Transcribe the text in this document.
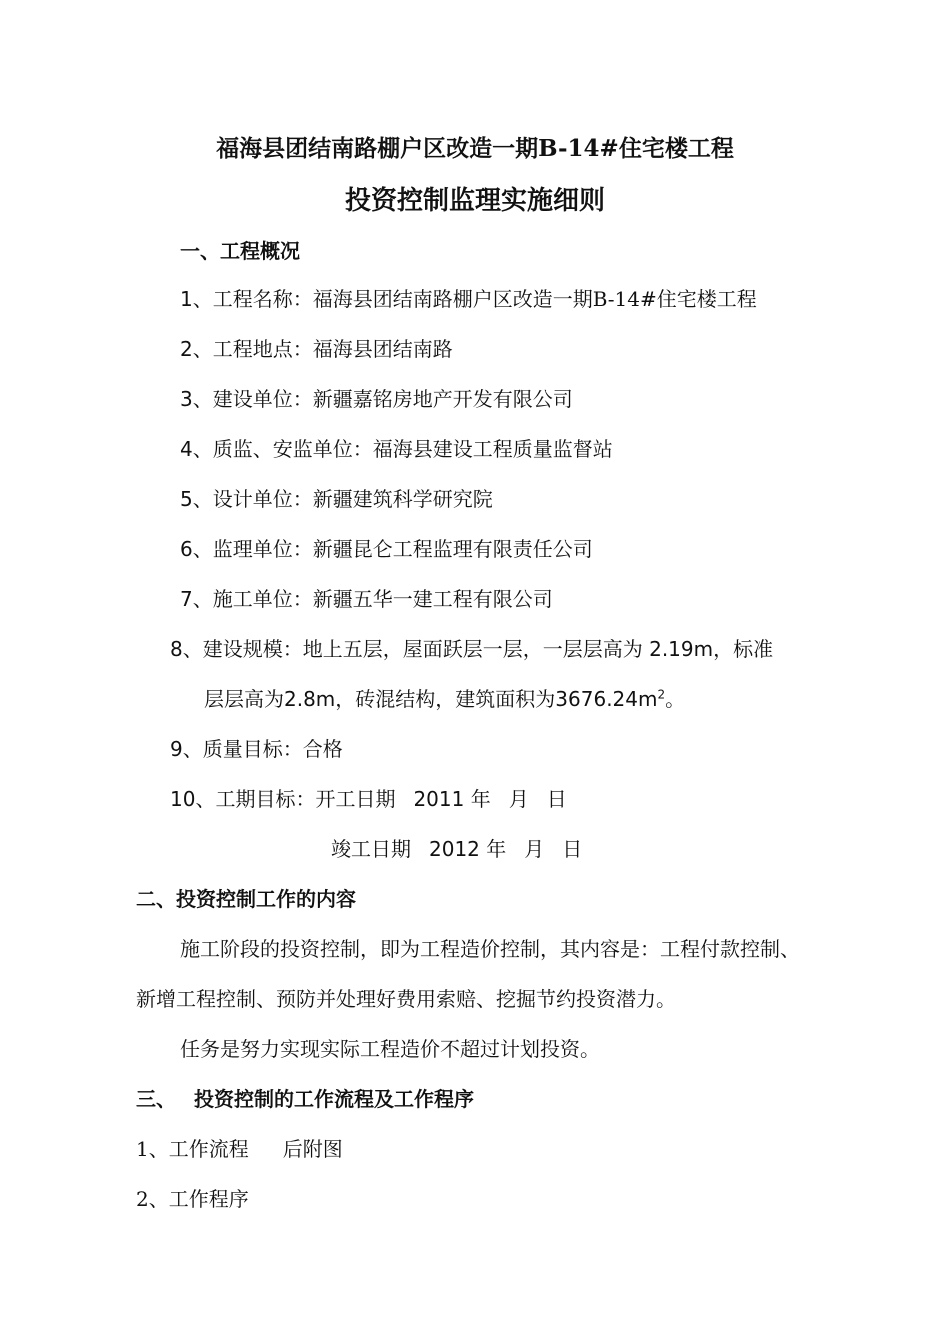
福海县团结南路棚户区改造一期B-14#住宅楼工程
投资控制监理实施细则
一、工程概况
1、工程名称：福海县团结南路棚户区改造一期B-14#住宅楼工程
2、工程地点：福海县团结南路
3、建设单位：新疆嘉铭房地产开发有限公司
4、质监、安监单位：福海县建设工程质量监督站
5、设计单位：新疆建筑科学研究院
6、监理单位：新疆昆仑工程监理有限责任公司
7、施工单位：新疆五华一建工程有限公司
8、建设规模：地上五层，屋面跃层一层，一层层高为 2.19m，标准
层层高为2.8m，砖混结构，建筑面积为$3676.24m^2$。
9、质量目标：合格
10、工期目标：开工日期 2011 年 月 日
竣工日期 2012 年 月 日
二、投资控制工作的内容
施工阶段的投资控制，即为工程造价控制，其内容是：工程付款控制、
新增工程控制、预防并处理好费用索赔、挖掘节约投资潜力。
任务是努力实现实际工程造价不超过计划投资。
三、 投资控制的工作流程及工作程序
1、工作流程 后附图
2、工作程序
